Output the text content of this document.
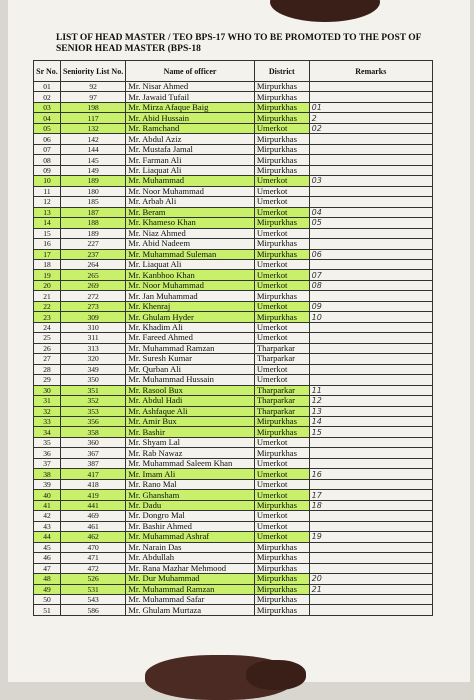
LIST OF HEAD MASTER / TEO BPS-17 WHO TO BE PROMOTED TO THE POST OF SENIOR HEAD MASTER (BPS-18
Sr No.	Seniority List No.	Name of officer	District	Remarks
01	92	Mr. Nisar Ahmed	Mirpurkhas	
02	97	Mr. Jawaid Tufail	Mirpurkhas	
03	198	Mr. Mirza Afaque Baig	Mirpurkhas	01
04	117	Mr. Abid Hussain	Mirpurkhas	2
05	132	Mr. Ramchand	Umerkot	02
06	142	Mr. Abdul Aziz	Mirpurkhas	
07	144	Mr. Mustafa Jamal	Mirpurkhas	
08	145	Mr. Farman Ali	Mirpurkhas	
09	149	Mr. Liaquat Ali	Mirpurkhas	
10	189	Mr. Muhammad	Umerkot	03
11	180	Mr. Noor Muhammad	Umerkot	
12	185	Mr. Arbab Ali	Umerkot	
13	187	Mr. Beram	Umerkot	04
14	188	Mr. Khameso Khan	Mirpurkhas	05
15	189	Mr. Niaz Ahmed	Umerkot	
16	227	Mr. Abid Nadeem	Mirpurkhas	
17	237	Mr. Muhammad Suleman	Mirpurkhas	06
18	264	Mr. Liaquat Ali	Umerkot	
19	265	Mr. Kanbhoo Khan	Umerkot	07
20	269	Mr. Noor Muhammad	Umerkot	08
21	272	Mr. Jan Muhammad	Mirpurkhas	
22	273	Mr. Khenraj	Umerkot	09
23	309	Mr. Ghulam Hyder	Mirpurkhas	10
24	310	Mr. Khadim Ali	Umerkot	
25	311	Mr. Fareed Ahmed	Umerkot	
26	313	Mr. Muhammad Ramzan	Tharparkar	
27	320	Mr. Suresh Kumar	Tharparkar	
28	349	Mr. Qurban Ali	Umerkot	
29	350	Mr. Muhammad Hussain	Umerkot	
30	351	Mr. Rasool Bux	Tharparkar	11
31	352	Mr. Abdul Hadi	Tharparkar	12
32	353	Mr. Ashfaque Ali	Tharparkar	13
33	356	Mr. Amir Bux	Mirpurkhas	14
34	358	Mr. Bashir	Mirpurkhas	15
35	360	Mr. Shyam Lal	Umerkot	
36	367	Mr. Rab Nawaz	Mirpurkhas	
37	387	Mr. Muhammad Saleem Khan	Umerkot	
38	417	Mr. Imam Ali	Umerkot	16
39	418	Mr. Rano Mal	Umerkot	
40	419	Mr. Ghansham	Umerkot	17
41	441	Mr. Dadu	Mirpurkhas	18
42	469	Mr. Dongro Mal	Umerkot	
43	461	Mr. Bashir Ahmed	Umerkot	
44	462	Mr. Muhammad Ashraf	Umerkot	19
45	470	Mr. Narain Das	Mirpurkhas	
46	471	Mr. Abdullah	Mirpurkhas	
47	472	Mr. Rana Mazhar Mehmood	Mirpurkhas	
48	526	Mr. Dur Muhammad	Mirpurkhas	20
49	531	Mr. Muhammad Ramzan	Mirpurkhas	21
50	543	Mr. Muhammad Safar	Mirpurkhas	
51	586	Mr. Ghulam Murtaza	Mirpurkhas	
